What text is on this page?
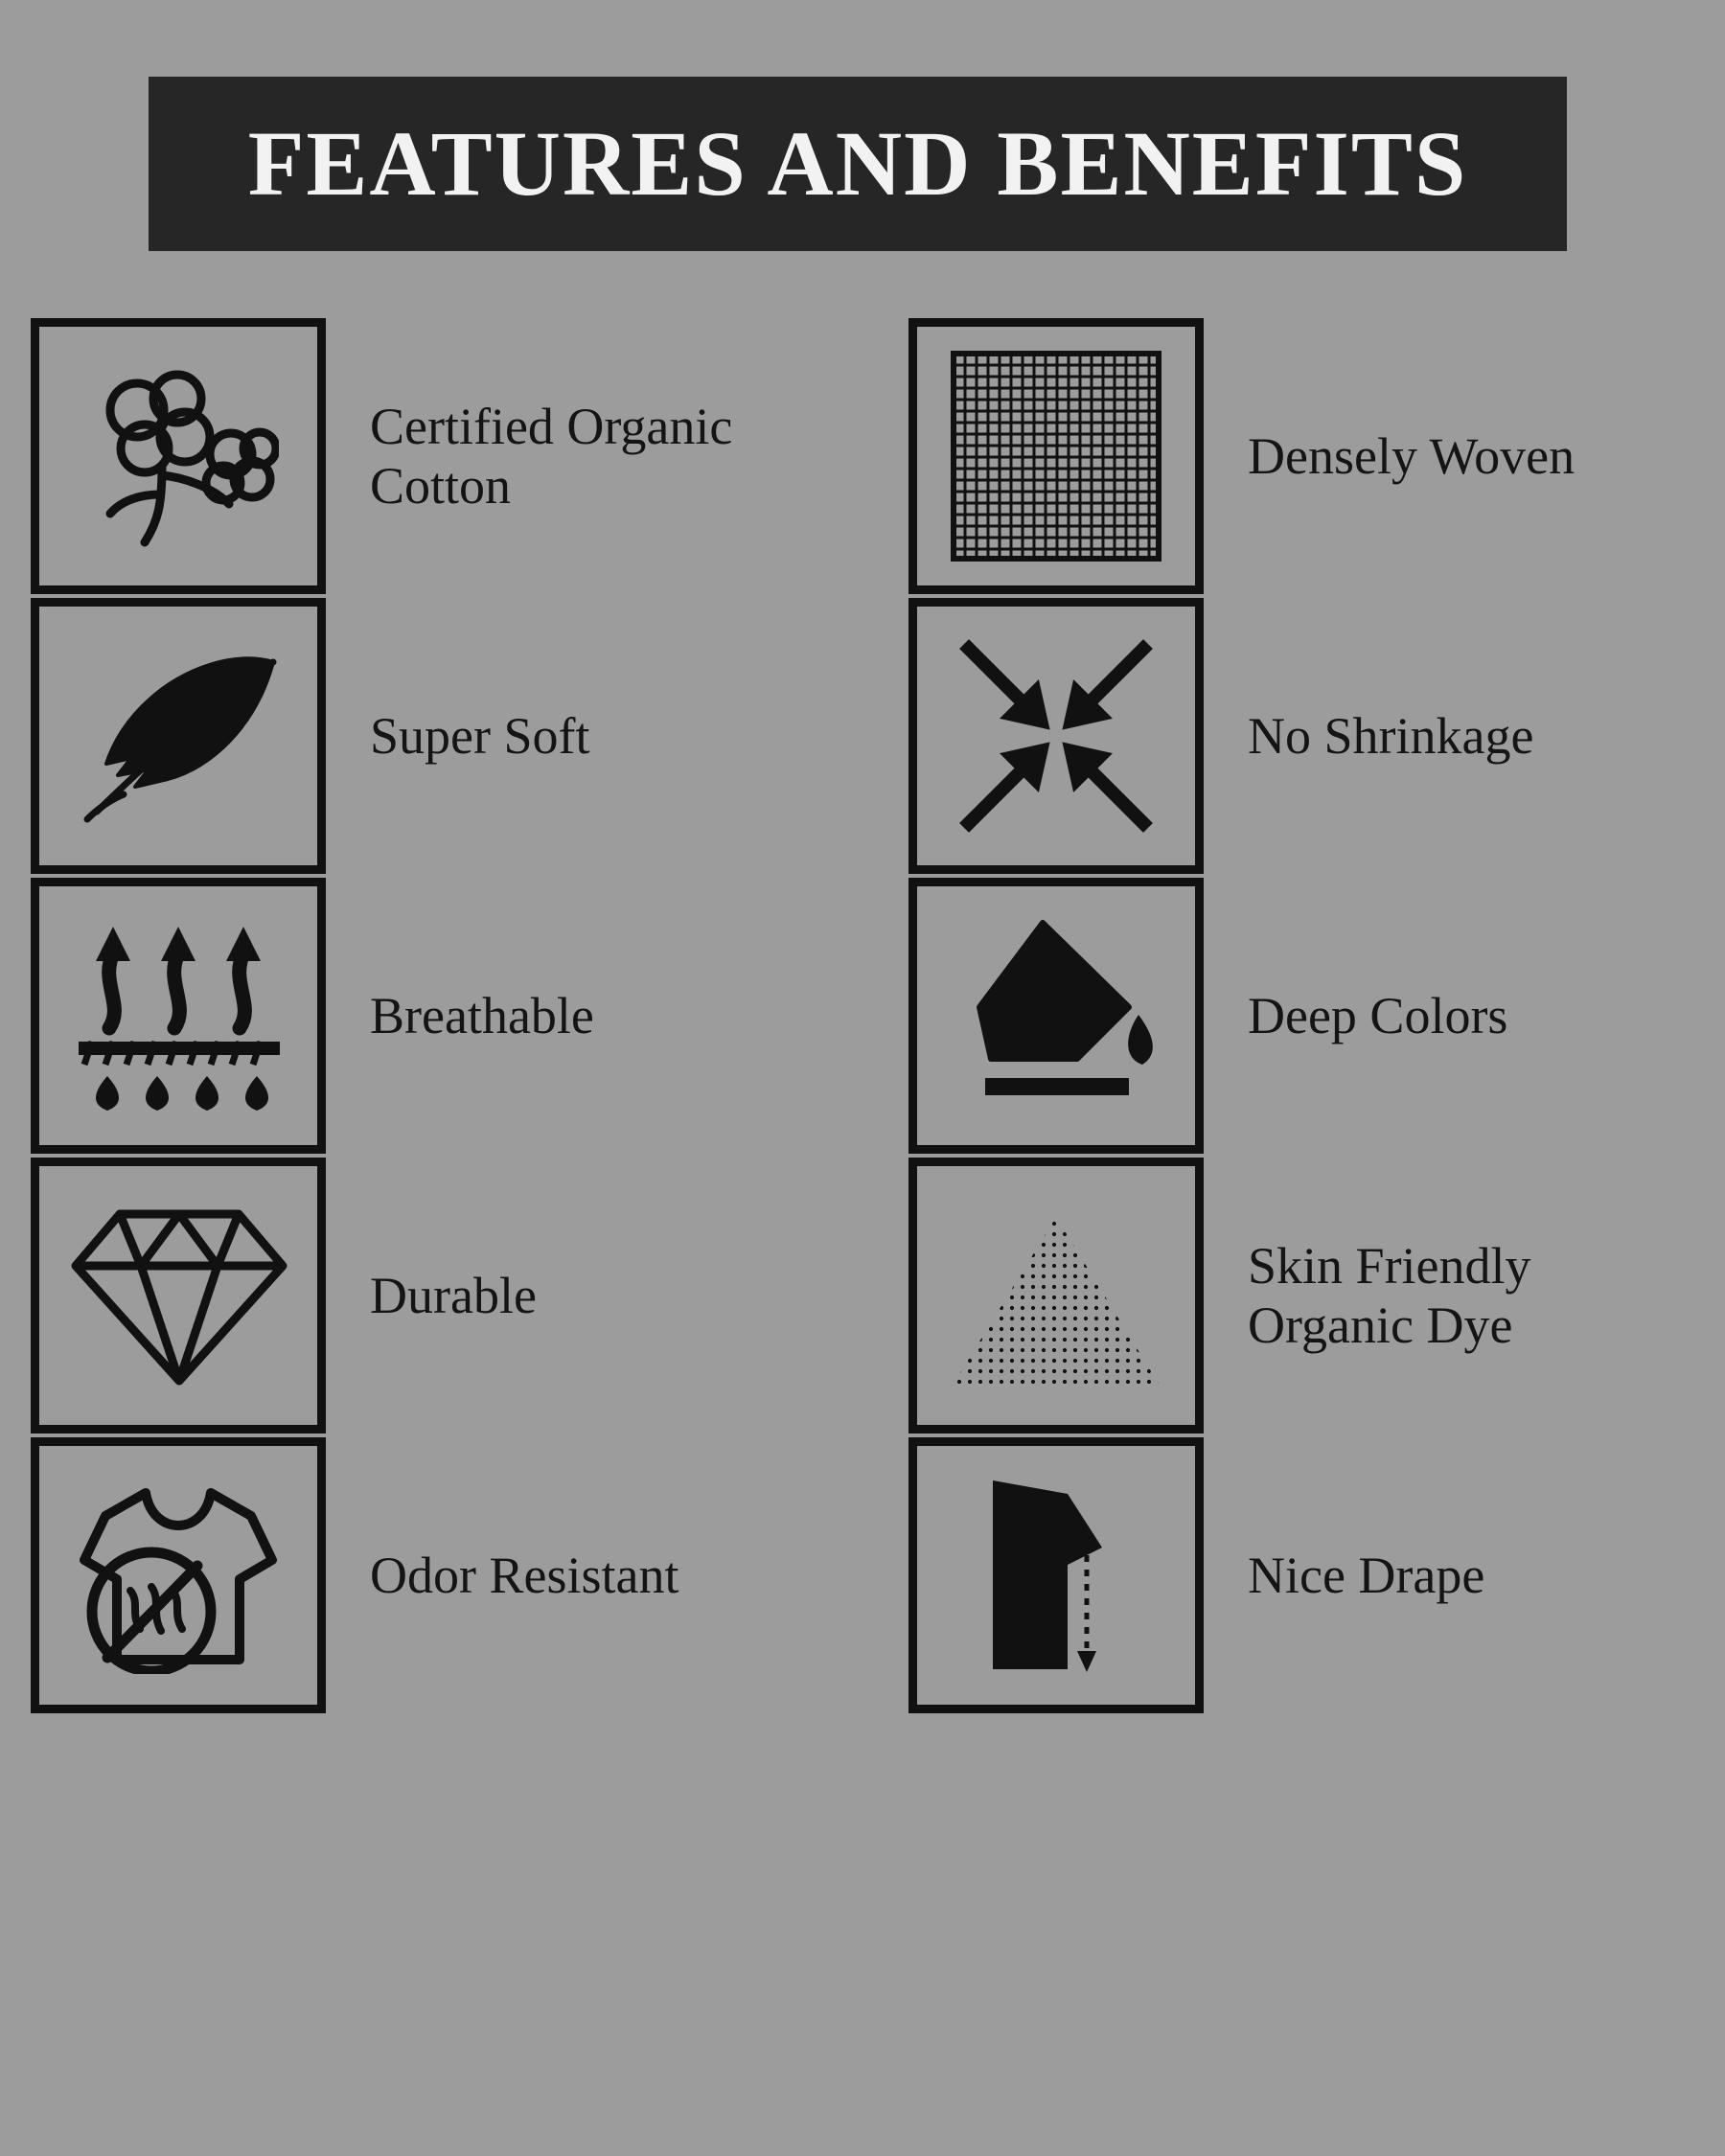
FEATURES AND BENEFITS
Certified Organic Cotton
Densely Woven
Super Soft	No Shrinkage
Breathable	Deep Colors
Durable
Skin Friendly Organic Dye
Odor Resistant	Nice Drape
